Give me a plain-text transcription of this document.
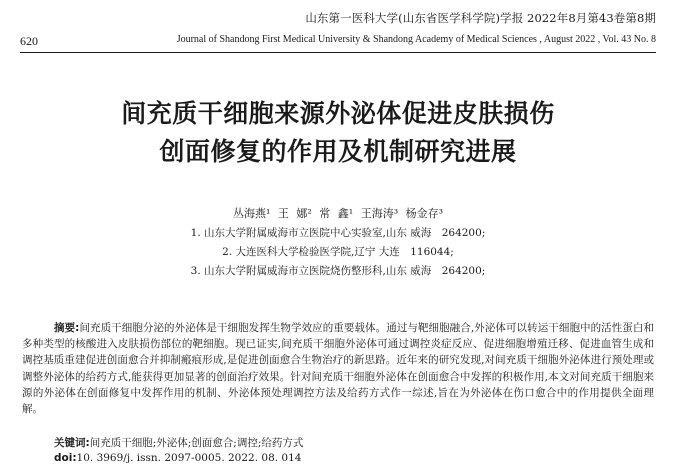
山东第一医科大学(山东省医学科学院)学报 2022年8月第43卷第8期
620	Journal of Shandong First Medical University & Shandong Academy of Medical Sciences , August 2022 , Vol. 43 No. 8
间充质干细胞来源外泌体促进皮肤损伤
创面修复的作用及机制研究进展
丛海燕¹ 王 娜² 常 鑫¹ 王海涛³ 杨金存³
1. 山东大学附属威海市立医院中心实验室,山东 威海　264200;
2. 大连医科大学检验医学院,辽宁 大连　116044;
3. 山东大学附属威海市立医院烧伤整形科,山东 威海　264200;
摘要:间充质干细胞分泌的外泌体是干细胞发挥生物学效应的重要载体。通过与靶细胞融合,外泌体可以转运干细胞中的活性蛋白和多种类型的核酸进入皮肤损伤部位的靶细胞。现已证实,间充质干细胞外泌体可通过调控炎症反应、促进细胞增殖迁移、促进血管生成和调控基质重建促进创面愈合并抑制瘢痕形成,是促进创面愈合生物治疗的新思路。近年来的研究发现,对间充质干细胞外泌体进行预处理或调整外泌体的给药方式,能获得更加显著的创面治疗效果。针对间充质干细胞外泌体在创面愈合中发挥的积极作用,本文对间充质干细胞来源的外泌体在创面修复中发挥作用的机制、外泌体预处理调控方法及给药方式作一综述,旨在为外泌体在伤口愈合中的作用提供全面理解。
关键词:间充质干细胞;外泌体;创面愈合;调控;给药方式
doi:10. 3969/j. issn. 2097-0005. 2022. 08. 014
